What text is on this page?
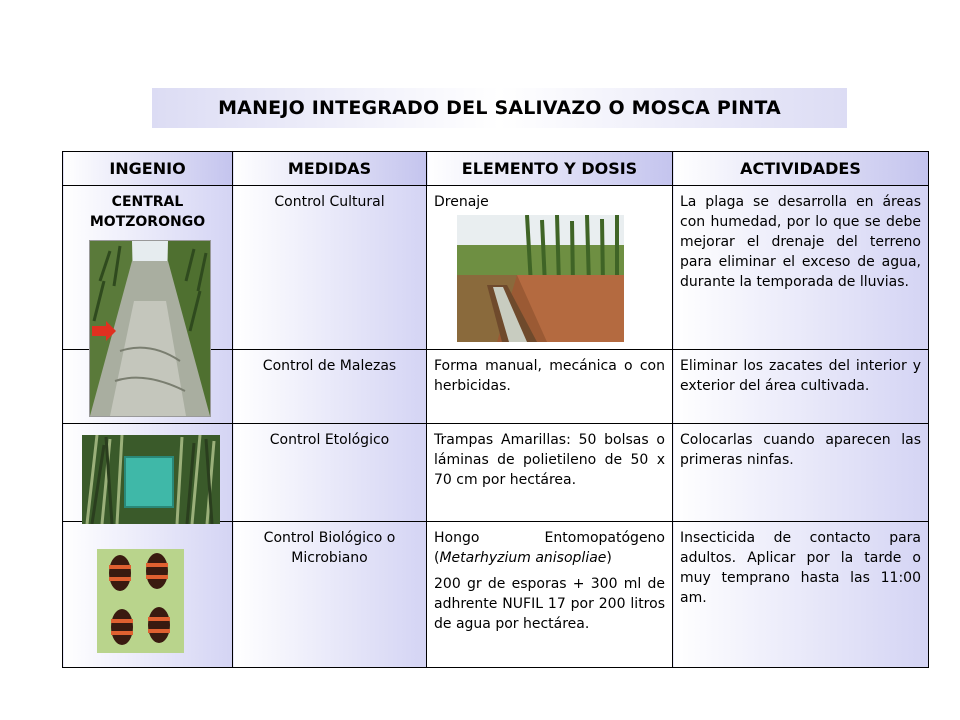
MANEJO INTEGRADO DEL SALIVAZO O MOSCA PINTA
INGENIO	MEDIDAS	ELEMENTO Y DOSIS	ACTIVIDADES

CENTRAL MOTZORONGO	Control Cultural	Drenaje	La plaga se desarrolla en áreas con humedad, por lo que se debe mejorar el drenaje del terreno para eliminar el exceso de agua, durante la temporada de lluvias.

	Control de Malezas	Forma manual, mecánica o con herbicidas.	Eliminar los zacates del interior y exterior del área cultivada.

	Control Etológico	Trampas Amarillas: 50 bolsas o láminas de polietileno de 50 x 70 cm por hectárea.	Colocarlas cuando aparecen las primeras ninfas.

	Control Biológico o Microbiano	Hongo Entomopatógeno (Metarhyzium anisopliae)
200 gr de esporas + 300 ml de adhrente NUFIL 17 por 200 litros de agua por hectárea.	Insecticida de contacto para adultos. Aplicar por la tarde o muy temprano hasta las 11:00 am.
